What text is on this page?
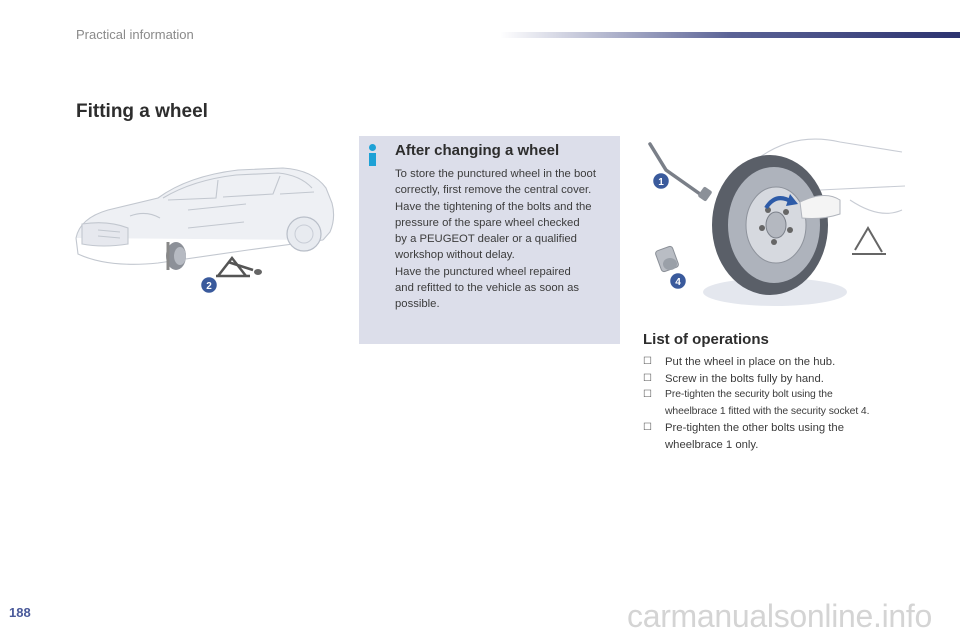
Practical information
Fitting a wheel
2
After changing a wheel

To store the punctured wheel in the boot
correctly, first remove the central cover.
Have the tightening of the bolts and the
pressure of the spare wheel checked
by a PEUGEOT dealer or a qualified
workshop without delay.
Have the punctured wheel repaired
and refitted to the vehicle as soon as
possible.

1
4
List of operations
☐ Put the wheel in place on the hub.
☐ Screw in the bolts fully by hand.
☐ Pre-tighten the security bolt using the
wheelbrace 1 fitted with the security socket 4.
☐ Pre-tighten the other bolts using the
wheelbrace 1 only.
188	carmanualsonline.info
